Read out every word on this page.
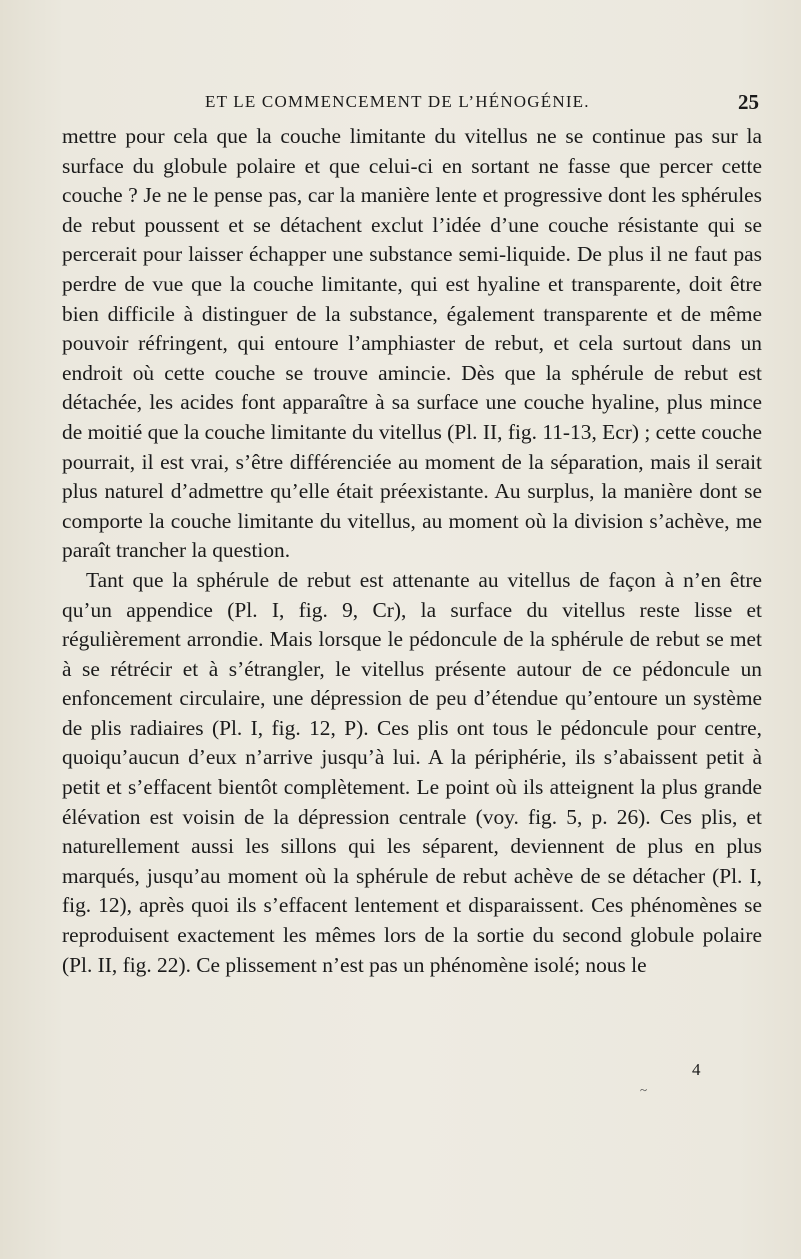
ET LE COMMENCEMENT DE L’HÉNOGÉNIE.	25

mettre pour cela que la couche limitante du vitellus ne se continue pas sur la surface du globule polaire et que celui-ci en sortant ne fasse que percer cette couche ? Je ne le pense pas, car la manière lente et progressive dont les sphérules de rebut poussent et se détachent exclut l’idée d’une couche résistante qui se percerait pour laisser échapper une substance semi-liquide. De plus il ne faut pas perdre de vue que la couche limitante, qui est hyaline et transparente, doit être bien difficile à distinguer de la substance, également transparente et de même pouvoir réfringent, qui entoure l’amphiaster de rebut, et cela surtout dans un endroit où cette couche se trouve amincie. Dès que la sphérule de rebut est détachée, les acides font apparaître à sa surface une couche hyaline, plus mince de moitié que la couche limitante du vitellus (Pl. II, fig. 11-13, Ecr) ; cette couche pourrait, il est vrai, s’être différenciée au moment de la séparation, mais il serait plus naturel d’admettre qu’elle était préexistante. Au surplus, la manière dont se comporte la couche limitante du vitellus, au moment où la division s’achève, me paraît trancher la question.

Tant que la sphérule de rebut est attenante au vitellus de façon à n’en être qu’un appendice (Pl. I, fig. 9, Cr), la surface du vitellus reste lisse et régulièrement arrondie. Mais lorsque le pédoncule de la sphérule de rebut se met à se rétrécir et à s’étrangler, le vitellus présente autour de ce pédoncule un enfoncement circulaire, une dépression de peu d’étendue qu’entoure un système de plis radiaires (Pl. I, fig. 12, P). Ces plis ont tous le pédoncule pour centre, quoiqu’aucun d’eux n’arrive jusqu’à lui. A la périphérie, ils s’abaissent petit à petit et s’effacent bientôt complètement. Le point où ils atteignent la plus grande élévation est voisin de la dépression centrale (voy. fig. 5, p. 26). Ces plis, et naturellement aussi les sillons qui les séparent, deviennent de plus en plus marqués, jusqu’au moment où la sphérule de rebut achève de se détacher (Pl. I, fig. 12), après quoi ils s’effacent lentement et disparaissent. Ces phénomènes se reproduisent exactement les mêmes lors de la sortie du second globule polaire (Pl. II, fig. 22). Ce plissement n’est pas un phénomène isolé; nous le

4
~
